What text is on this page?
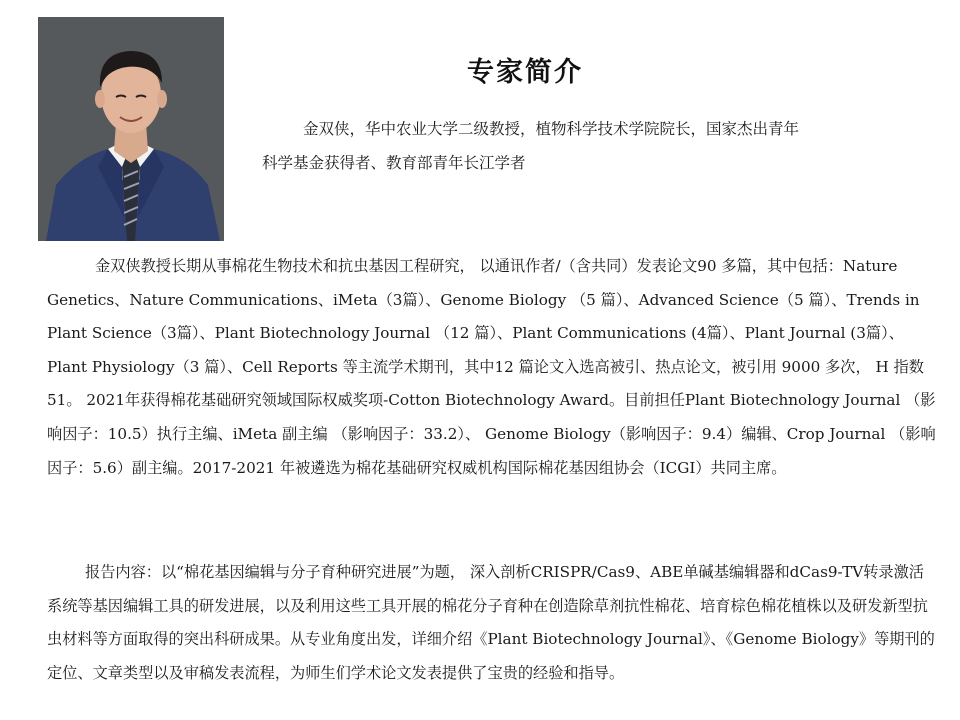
专家简介

金双侠，华中农业大学二级教授，植物科学技术学院院长，国家杰出青年

科学基金获得者、教育部青年长江学者

金双侠教授长期从事棉花生物技术和抗虫基因工程研究， 以通讯作者/（含共同）发表论文90 多篇，其中包括：Nature Genetics、Nature Communications、iMeta（3篇）、Genome Biology （5 篇）、Advanced Science（5 篇）、Trends in Plant Science（3篇）、Plant Biotechnology Journal （12 篇）、Plant Communications (4篇）、Plant Journal (3篇）、Plant Physiology（3 篇）、Cell Reports 等主流学术期刊，其中12 篇论文入选高被引、热点论文，被引用 9000 多次， H 指数 51。 2021年获得棉花基础研究领域国际权威奖项-Cotton Biotechnology Award。目前担任Plant Biotechnology Journal （影响因子：10.5）执行主编、iMeta 副主编 （影响因子：33.2）、 Genome Biology（影响因子：9.4）编辑、Crop Journal （影响因子：5.6）副主编。2017-2021 年被遴选为棉花基础研究权威机构国际棉花基因组协会（ICGI）共同主席。

报告内容：以“棉花基因编辑与分子育种研究进展”为题， 深入剖析CRISPR/Cas9、ABE单碱基编辑器和dCas9-TV转录激活系统等基因编辑工具的研发进展，以及利用这些工具开展的棉花分子育种在创造除草剂抗性棉花、培育棕色棉花植株以及研发新型抗虫材料等方面取得的突出科研成果。从专业角度出发，详细介绍《Plant Biotechnology Journal》、《Genome Biology》等期刊的定位、文章类型以及审稿发表流程，为师生们学术论文发表提供了宝贵的经验和指导。
